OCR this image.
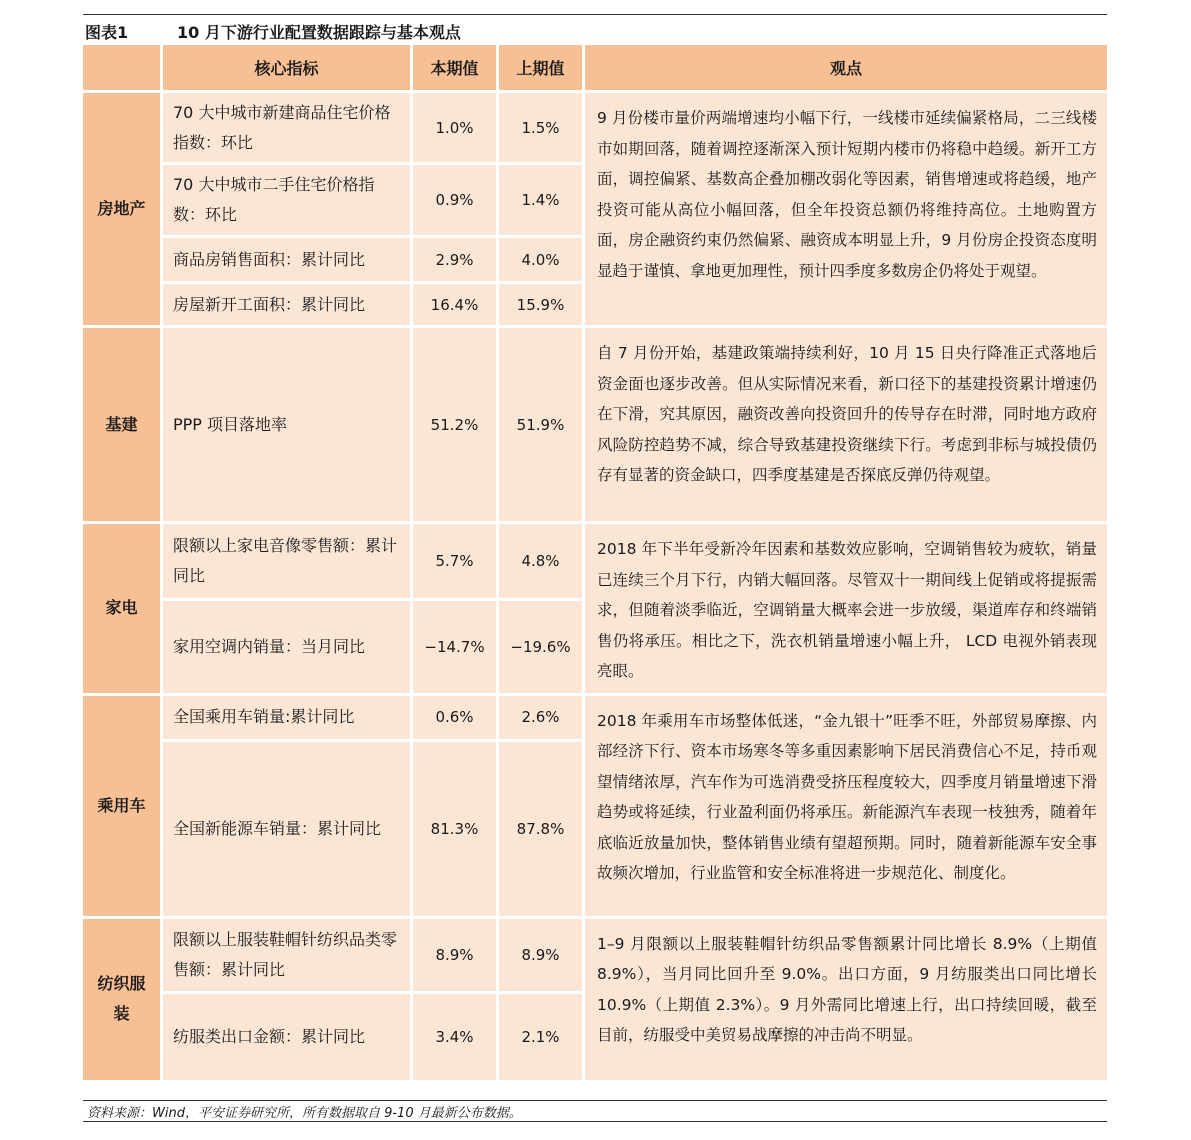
图表1	10 月下游行业配置数据跟踪与基本观点
	核心指标	本期值	上期值	观点
房地产	70 大中城市新建商品住宅价格指数：环比	1.0%	1.5%	9 月份楼市量价两端增速均小幅下行，一线楼市延续偏紧格局，二三线楼市如期回落，随着调控逐渐深入预计短期内楼市仍将稳中趋缓。新开工方面，调控偏紧、基数高企叠加棚改弱化等因素，销售增速或将趋缓，地产投资可能从高位小幅回落，但全年投资总额仍将维持高位。土地购置方面，房企融资约束仍然偏紧、融资成本明显上升，9 月份房企投资态度明显趋于谨慎、拿地更加理性，预计四季度多数房企仍将处于观望。
	70 大中城市二手住宅价格指数：环比	0.9%	1.4%	
	商品房销售面积：累计同比	2.9%	4.0%	
	房屋新开工面积：累计同比	16.4%	15.9%	
基建	PPP 项目落地率	51.2%	51.9%	自 7 月份开始，基建政策端持续利好，10 月 15 日央行降准正式落地后资金面也逐步改善。但从实际情况来看，新口径下的基建投资累计增速仍在下滑，究其原因，融资改善向投资回升的传导存在时滞，同时地方政府风险防控趋势不减，综合导致基建投资继续下行。考虑到非标与城投债仍存有显著的资金缺口，四季度基建是否探底反弹仍待观望。
家电	限额以上家电音像零售额：累计同比	5.7%	4.8%	2018 年下半年受新冷年因素和基数效应影响，空调销售较为疲软，销量已连续三个月下行，内销大幅回落。尽管双十一期间线上促销或将提振需求，但随着淡季临近，空调销量大概率会进一步放缓，渠道库存和终端销售仍将承压。相比之下，洗衣机销量增速小幅上升， LCD 电视外销表现亮眼。
	家用空调内销量：当月同比	−14.7%	−19.6%	
乘用车	全国乘用车销量:累计同比	0.6%	2.6%	2018 年乘用车市场整体低迷，“金九银十”旺季不旺，外部贸易摩擦、内部经济下行、资本市场寒冬等多重因素影响下居民消费信心不足，持币观望情绪浓厚，汽车作为可选消费受挤压程度较大，四季度月销量增速下滑趋势或将延续，行业盈利面仍将承压。新能源汽车表现一枝独秀，随着年底临近放量加快，整体销售业绩有望超预期。同时，随着新能源车安全事故频次增加，行业监管和安全标准将进一步规范化、制度化。
	全国新能源车销量：累计同比	81.3%	87.8%	
纺织服装	限额以上服装鞋帽针纺织品类零售额：累计同比	8.9%	8.9%	1–9 月限额以上服装鞋帽针纺织品零售额累计同比增长 8.9%（上期值 8.9%），当月同比回升至 9.0%。出口方面，9 月纺服类出口同比增长 10.9%（上期值 2.3%）。9 月外需同比增速上行，出口持续回暖，截至目前，纺服受中美贸易战摩擦的冲击尚不明显。
	纺服类出口金额：累计同比	3.4%	2.1%	
资料来源：Wind，平安证券研究所，所有数据取自 9-10 月最新公布数据。
